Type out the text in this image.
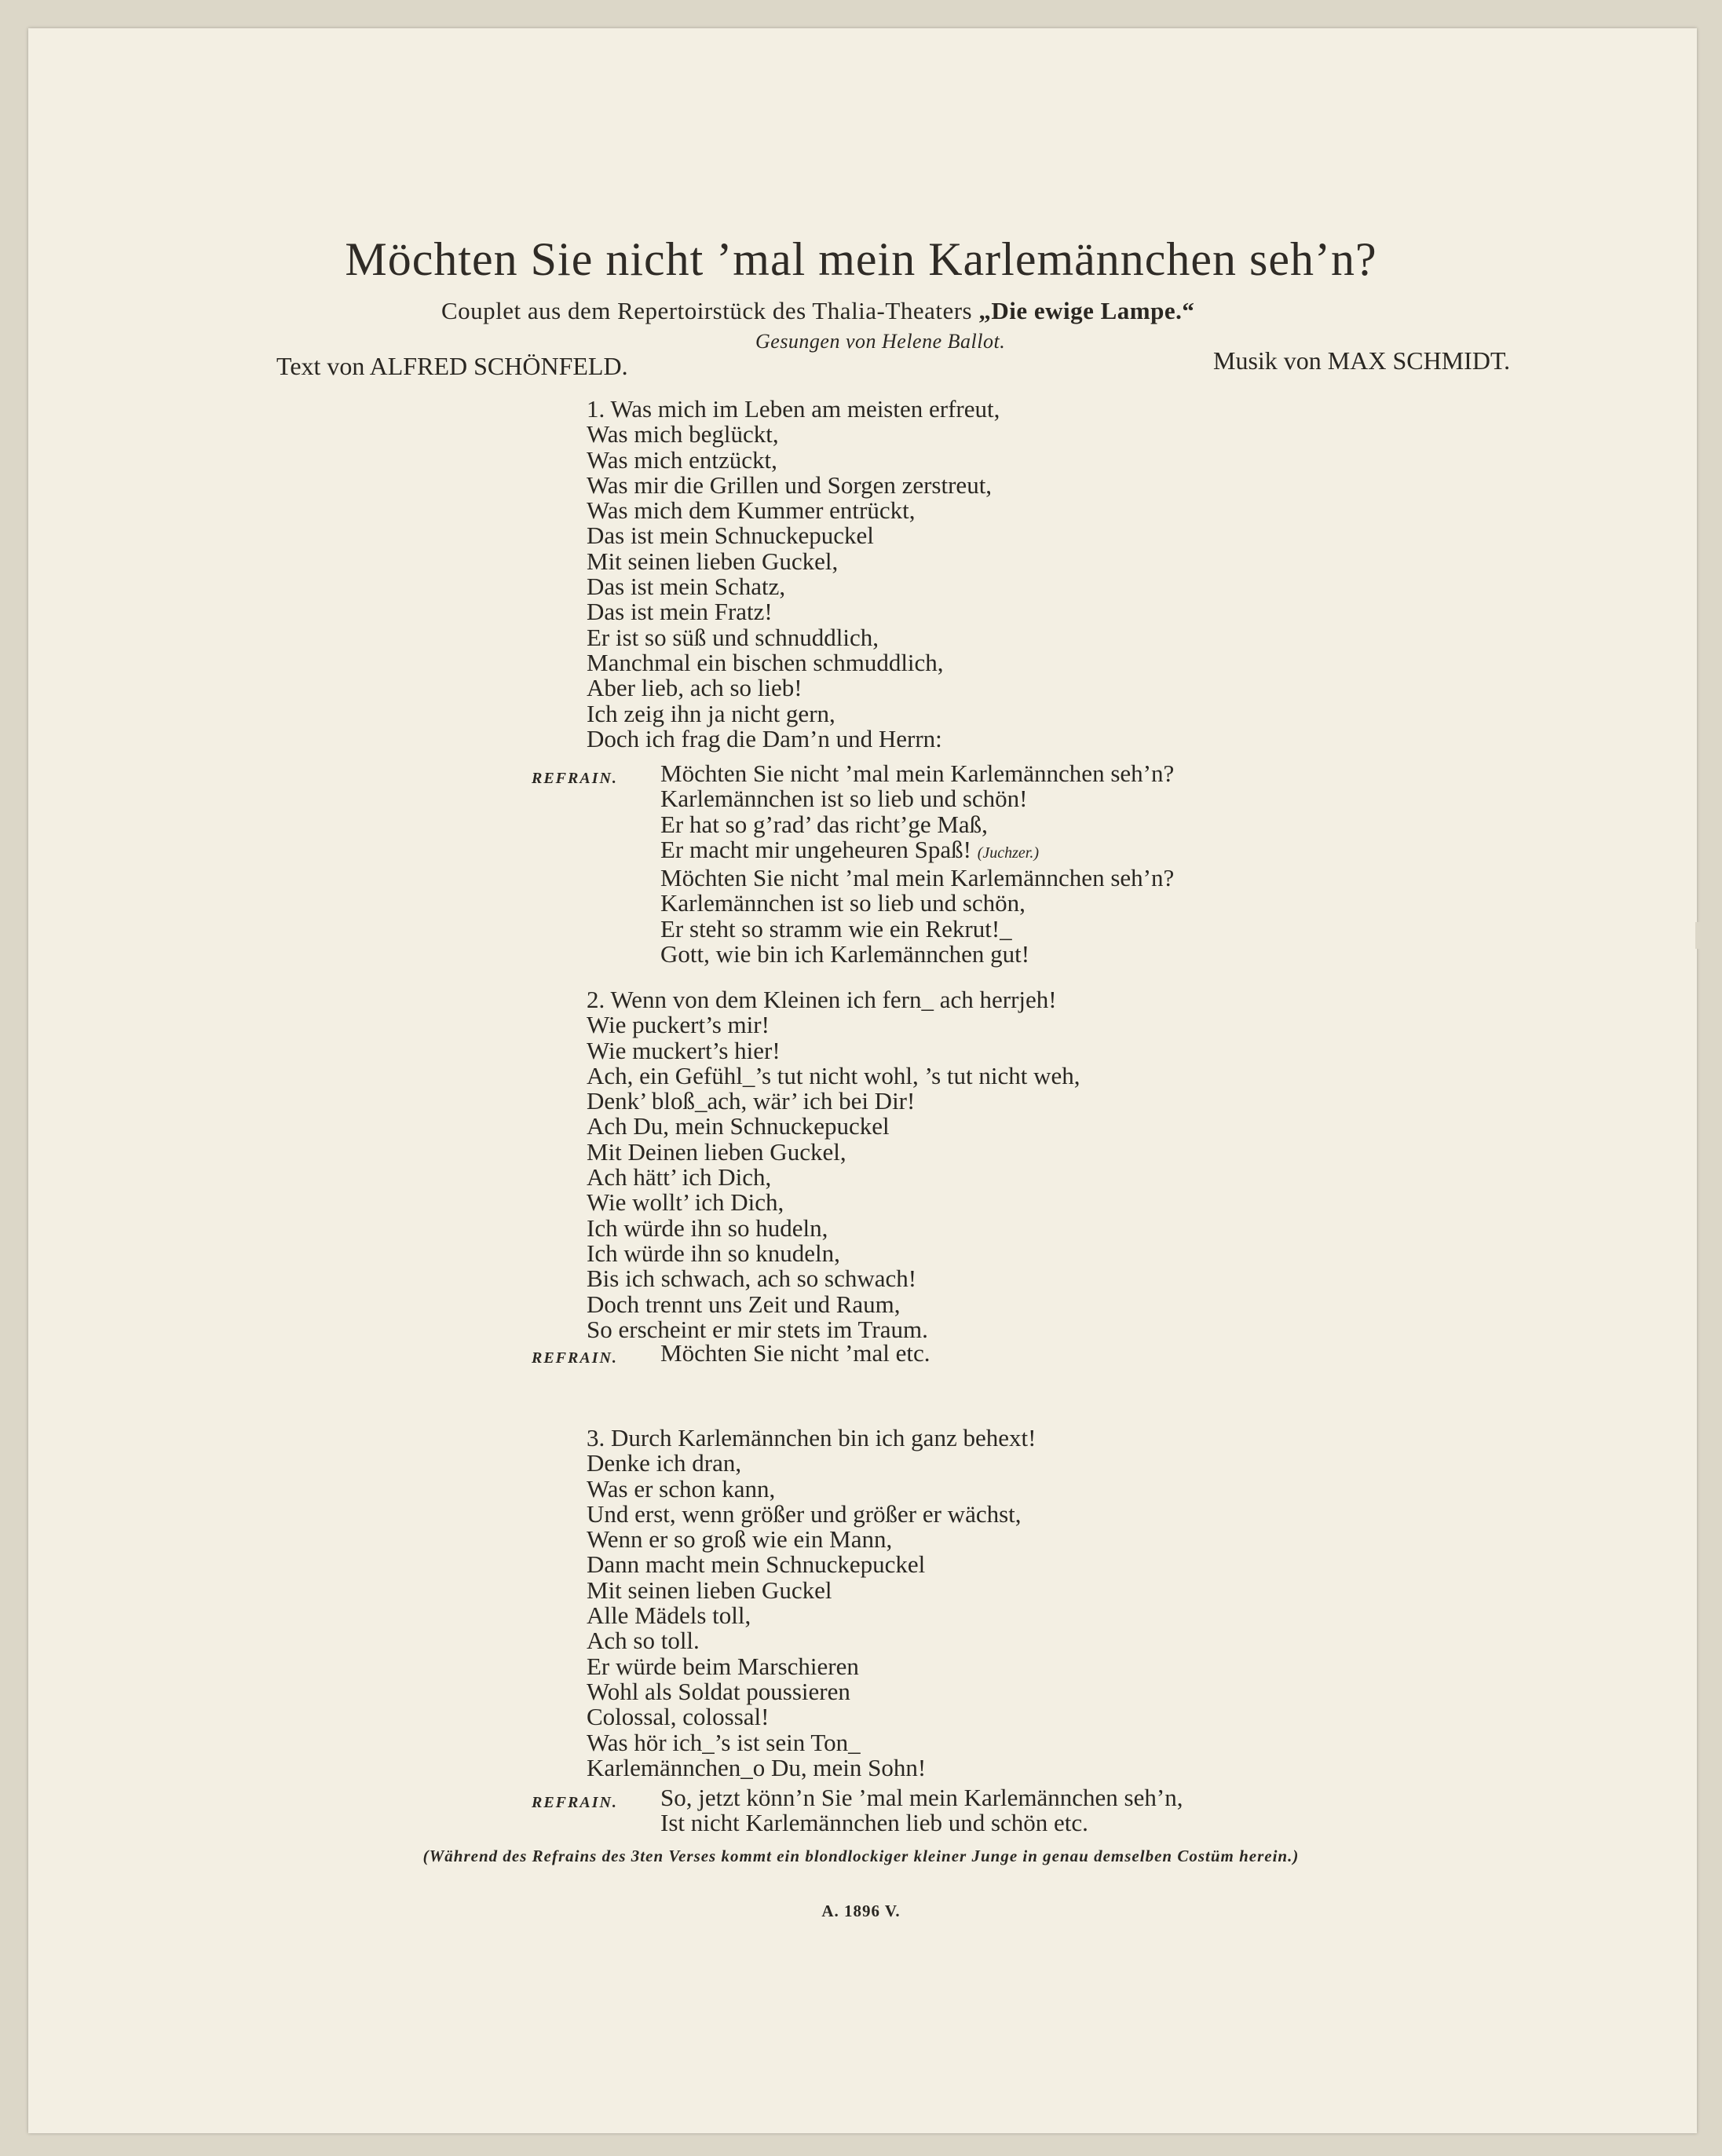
Möchten Sie nicht ’mal mein Karlemännchen seh’n?
Couplet aus dem Repertoirstück des Thalia-Theaters „Die ewige Lampe.“
Gesungen von Helene Ballot.
Text von ALFRED SCHÖNFELD.	Musik von MAX SCHMIDT.
1. Was mich im Leben am meisten erfreut,
Was mich beglückt,
Was mich entzückt,
Was mir die Grillen und Sorgen zerstreut,
Was mich dem Kummer entrückt,
Das ist mein Schnuckepuckel
Mit seinen lieben Guckel,
Das ist mein Schatz,
Das ist mein Fratz!
Er ist so süß und schnuddlich,
Manchmal ein bischen schmuddlich,
Aber lieb, ach so lieb!
Ich zeig ihn ja nicht gern,
Doch ich frag die Dam’n und Herrn:
REFRAIN. Möchten Sie nicht ’mal mein Karlemännchen seh’n?
Karlemännchen ist so lieb und schön!
Er hat so g’rad’ das richt’ge Maß,
Er macht mir ungeheuren Spaß! (Juchzer.)
Möchten Sie nicht ’mal mein Karlemännchen seh’n?
Karlemännchen ist so lieb und schön,
Er steht so stramm wie ein Rekrut!_
Gott, wie bin ich Karlemännchen gut!
2. Wenn von dem Kleinen ich fern_ ach herrjeh!
Wie puckert’s mir!
Wie muckert’s hier!
Ach, ein Gefühl_’s tut nicht wohl, ’s tut nicht weh,
Denk’ bloß_ach, wär’ ich bei Dir!
Ach Du, mein Schnuckepuckel
Mit Deinen lieben Guckel,
Ach hätt’ ich Dich,
Wie wollt’ ich Dich,
Ich würde ihn so hudeln,
Ich würde ihn so knudeln,
Bis ich schwach, ach so schwach!
Doch trennt uns Zeit und Raum,
So erscheint er mir stets im Traum.
REFRAIN. Möchten Sie nicht ’mal etc.
3. Durch Karlemännchen bin ich ganz behext!
Denke ich dran,
Was er schon kann,
Und erst, wenn größer und größer er wächst,
Wenn er so groß wie ein Mann,
Dann macht mein Schnuckepuckel
Mit seinen lieben Guckel
Alle Mädels toll,
Ach so toll.
Er würde beim Marschieren
Wohl als Soldat poussieren
Colossal, colossal!
Was hör ich_’s ist sein Ton_
Karlemännchen_o Du, mein Sohn!
REFRAIN. So, jetzt könn’n Sie ’mal mein Karlemännchen seh’n,
Ist nicht Karlemännchen lieb und schön etc.
(Während des Refrains des 3ten Verses kommt ein blondlockiger kleiner Junge in genau demselben Costüm herein.)
A. 1896 V.
